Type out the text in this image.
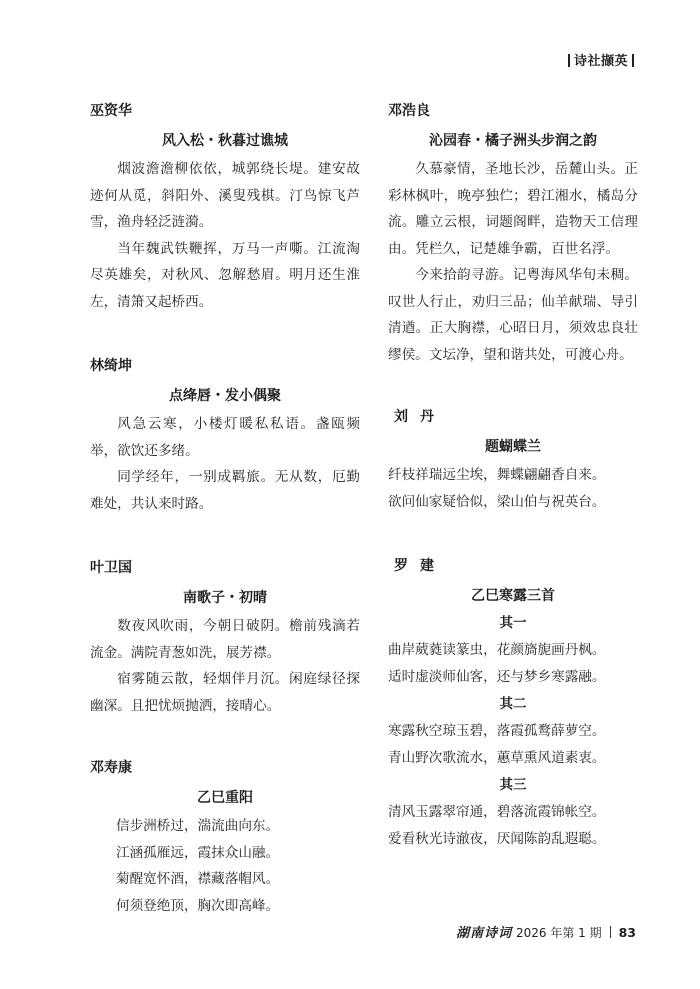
诗社撷英
巫资华
风入松・秋暮过谯城

烟波澹澹柳依依，城郭绕长堤。建安故迹何从觅，斜阳外、溪叟残棋。汀鸟惊飞芦雪，渔舟轻泛涟漪。

当年魏武铁鞭挥，万马一声嘶。江流淘尽英雄矣，对秋风、忽解愁眉。明月还生淮左，清箫又起桥西。

林绮坤
点绛唇・发小偶聚

风急云寒，小楼灯暖私私语。盏瓯频举，欲饮还多绪。

同学经年，一别成羁旅。无从数，厄勤难处，共认来时路。

叶卫国
南歌子・初晴

数夜风吹雨，今朝日破阴。檐前残滴若流金。满院青葱如洗，展芳襟。

宿雾随云散，轻烟伴月沉。闲庭绿径探幽深。且把忧烦抛洒，接晴心。

邓寿康
乙巳重阳

信步洲桥过，湍流曲向东。

江涵孤雁远，霞抹众山融。

菊醒宽怀酒，襟藏落帽风。

何须登绝顶，胸次即高峰。

邓浩良
沁园春・橘子洲头步润之韵

久慕豪情，圣地长沙，岳麓山头。正彩林枫叶，晚亭独伫；碧江湘水，橘岛分流。雕立云根，词题阁畔，造物天工信理由。凭栏久，记楚雄争霸，百世名浮。

今来拾韵寻游。记粤海风华旬未稠。叹世人行止，劝归三品；仙羊献瑞、导引清遒。正大胸襟，心昭日月，须效忠良壮缪侯。文坛净，望和谐共处，可渡心舟。

刘丹
题蝴蝶兰

纤枝祥瑞远尘埃，舞蝶翩翩香自来。

欲问仙家疑恰似，梁山伯与祝英台。

罗建
乙巳寒露三首
其一

曲岸葳蕤读篆虫，花颜旖旎画丹枫。

适时虚淡师仙客，还与梦乡寒露融。

其二

寒露秋空琼玉碧，落霞孤鹜薛萝空。

青山野次歌流水，蕙草熏风道素衷。

其三

清风玉露翠帘通，碧落流霞锦帐空。

爱看秋光诗澈夜，厌闻陈韵乱遐聪。

湖南诗词 2026 年第 1 期 83
